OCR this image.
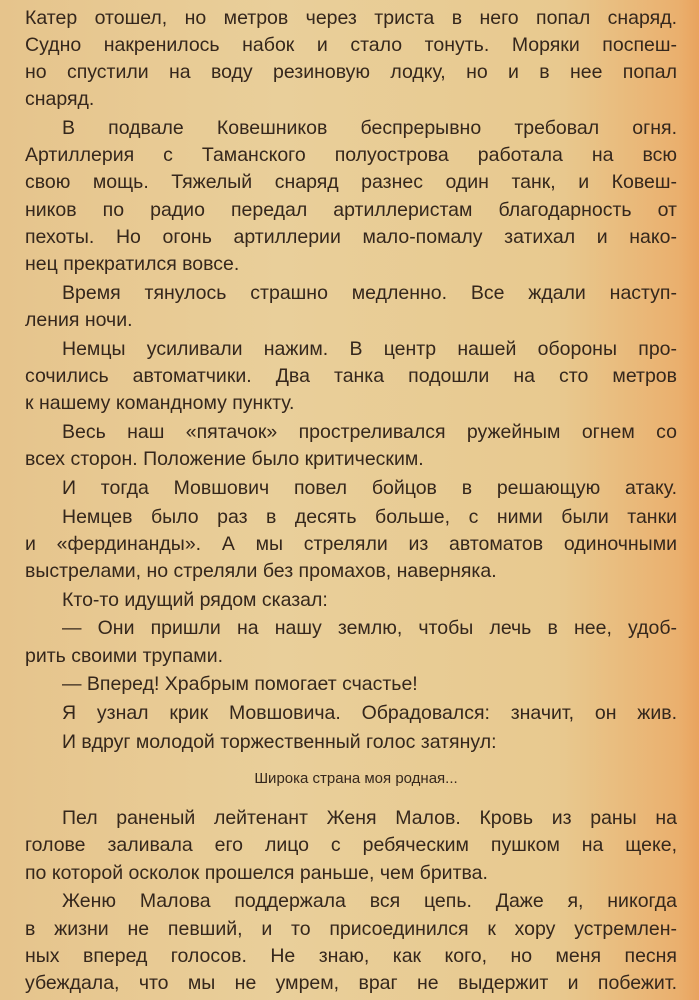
Катер отошел, но метров через триста в него попал снаряд.
Судно накренилось набок и стало тонуть. Моряки поспеш-
но спустили на воду резиновую лодку, но и в нее попал
снаряд.
В подвале Ковешников беспрерывно требовал огня.
Артиллерия с Таманского полуострова работала на всю
свою мощь. Тяжелый снаряд разнес один танк, и Ковеш-
ников по радио передал артиллеристам благодарность от
пехоты. Но огонь артиллерии мало-помалу затихал и нако-
нец прекратился вовсе.
Время тянулось страшно медленно. Все ждали наступ-
ления ночи.
Немцы усиливали нажим. В центр нашей обороны про-
сочились автоматчики. Два танка подошли на сто метров
к нашему командному пункту.
Весь наш «пятачок» простреливался ружейным огнем со
всех сторон. Положение было критическим.
И тогда Мовшович повел бойцов в решающую атаку.
Немцев было раз в десять больше, с ними были танки
и «фердинанды». А мы стреляли из автоматов одиночными
выстрелами, но стреляли без промахов, наверняка.
Кто-то идущий рядом сказал:
— Они пришли на нашу землю, чтобы лечь в нее, удоб-
рить своими трупами.
— Вперед! Храбрым помогает счастье!
Я узнал крик Мовшовича. Обрадовался: значит, он жив.
И вдруг молодой торжественный голос затянул:
Широка страна моя родная...
Пел раненый лейтенант Женя Малов. Кровь из раны на
голове заливала его лицо с ребяческим пушком на щеке,
по которой осколок прошелся раньше, чем бритва.
Женю Малова поддержала вся цепь. Даже я, никогда
в жизни не певший, и то присоединился к хору устремлен-
ных вперед голосов. Не знаю, как кого, но меня песня
убеждала, что мы не умрем, враг не выдержит и побежит.
